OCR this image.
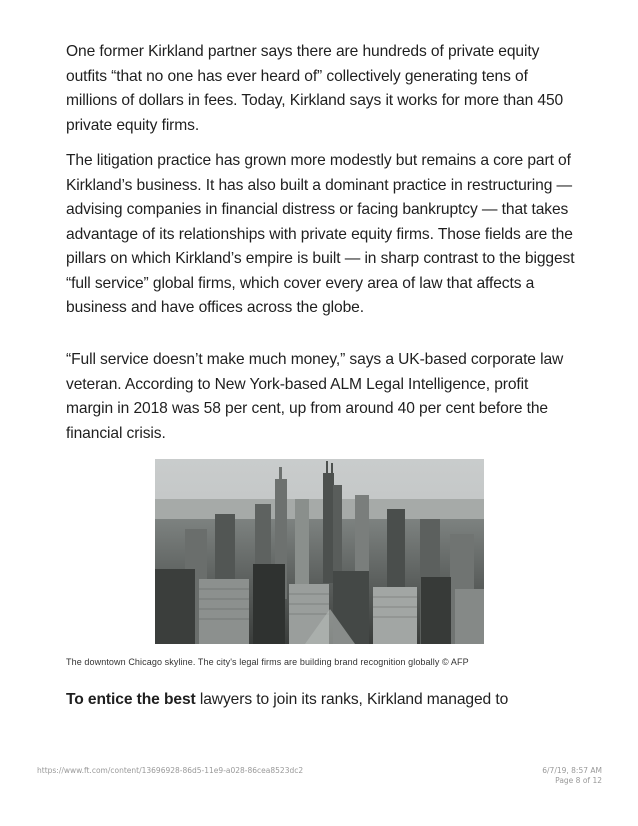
One former Kirkland partner says there are hundreds of private equity outfits “that no one has ever heard of” collectively generating tens of millions of dollars in fees. Today, Kirkland says it works for more than 450 private equity firms.

The litigation practice has grown more modestly but remains a core part of Kirkland’s business. It has also built a dominant practice in restructuring — advising companies in financial distress or facing bankruptcy — that takes advantage of its relationships with private equity firms. Those fields are the pillars on which Kirkland’s empire is built — in sharp contrast to the biggest “full service” global firms, which cover every area of law that affects a business and have offices across the globe.

“Full service doesn’t make much money,” says a UK-based corporate law veteran. According to New York-based ALM Legal Intelligence, profit margin in 2018 was 58 per cent, up from around 40 per cent before the financial crisis.

The downtown Chicago skyline. The city's legal firms are building brand recognition globally © AFP

To entice the best lawyers to join its ranks, Kirkland managed to

https://www.ft.com/content/13696928-86d5-11e9-a028-86cea8523dc2	6/7/19, 8:57 AM
Page 8 of 12
